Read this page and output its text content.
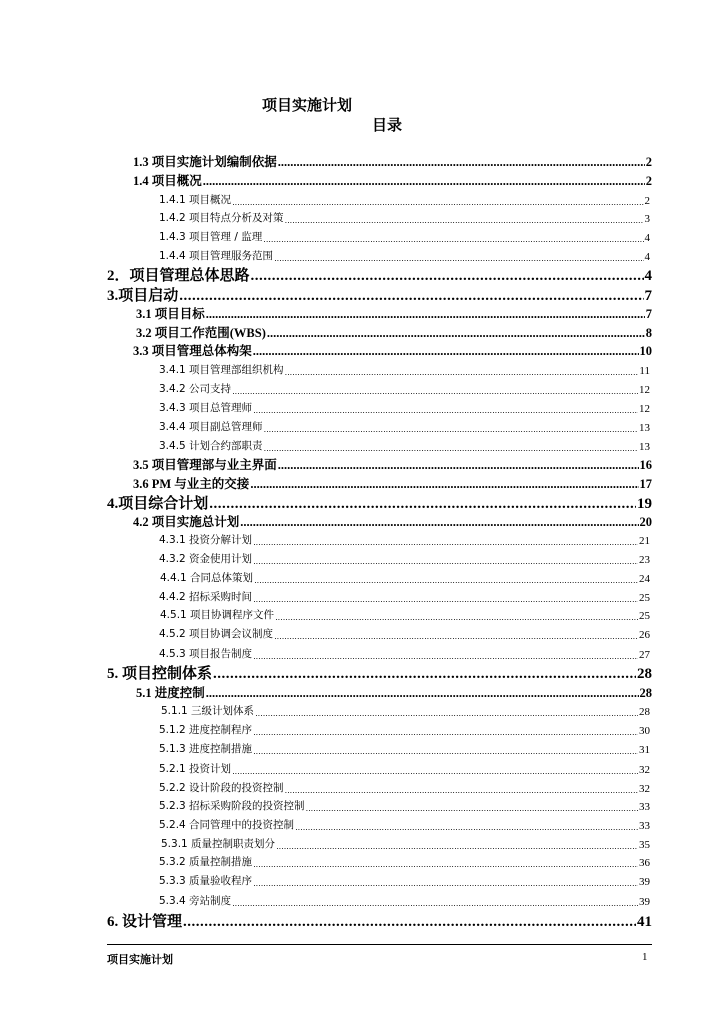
项目实施计划
目录
1.3 项目实施计划编制依据 .....	2
1.4 项目概况 .....	2
1.4.1 项目概况 .....	2
1.4.2 项目特点分析及对策 .....	3
1.4.3 项目管理 / 监理 .....	4
1.4.4 项目管理服务范围 .....	4
2．项目管理总体思路 .....	4
3.项目启动 .....	7
3.1 项目目标 .....	7
3.2 项目工作范围(WBS) .....	8
3.3 项目管理总体构架 .....	10
3.4.1 项目管理部组织机构 .....	11
3.4.2 公司支持 .....	12
3.4.3 项目总管理师 .....	12
3.4.4 项目副总管理师 .....	13
3.4.5 计划合约部职责 .....	13
3.5 项目管理部与业主界面 .....	16
3.6 PM 与业主的交接 .....	17
4.项目综合计划 .....	19
4.2 项目实施总计划 .....	20
4.3.1 投资分解计划 .....	21
4.3.2 资金使用计划 .....	23
4.4.1 合同总体策划 .....	24
4.4.2 招标采购时间 .....	25
4.5.1 项目协调程序文件 .....	25
4.5.2 项目协调会议制度 .....	26
4.5.3 项目报告制度 .....	27
5. 项目控制体系 .....	28
5.1 进度控制 .....	28
5.1.1 三级计划体系 .....	28
5.1.2 进度控制程序 .....	30
5.1.3 进度控制措施 .....	31
5.2.1 投资计划 .....	32
5.2.2 设计阶段的投资控制 .....	32
5.2.3 招标采购阶段的投资控制 .....	33
5.2.4 合同管理中的投资控制 .....	33
5.3.1 质量控制职责划分 .....	35
5.3.2 质量控制措施 .....	36
5.3.3 质量验收程序 .....	39
5.3.4 旁站制度 .....	39
6. 设计管理 .....	41
项目实施计划	1
